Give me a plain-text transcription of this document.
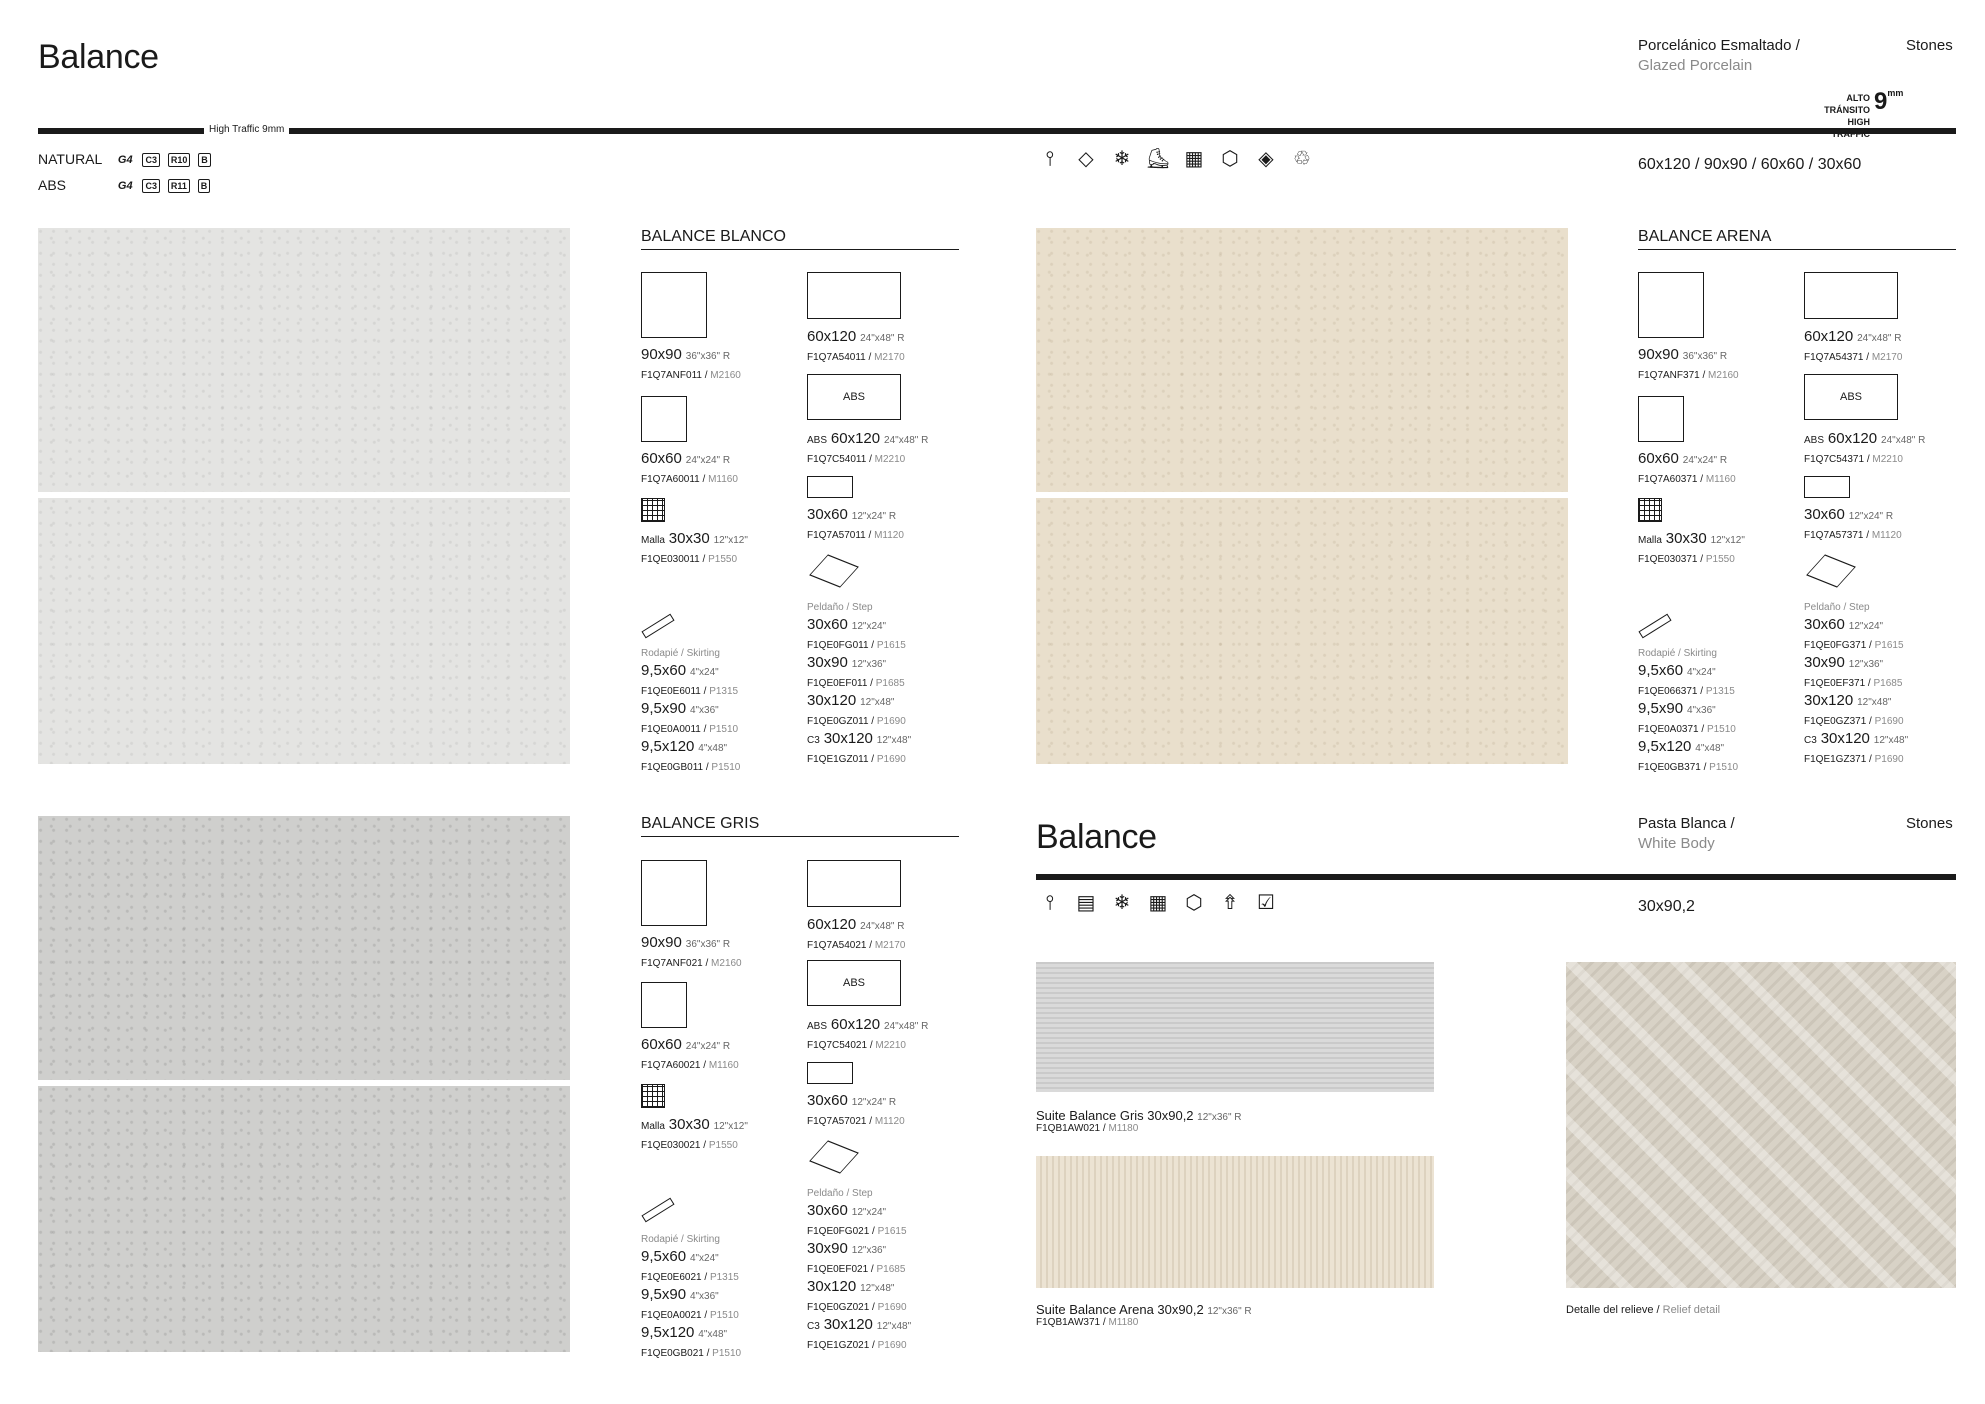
Balance
High Traffic 9mm
NATURAL G4 C3 R10 B
ABS	G4 C3 R11 B
Porcelánico Esmaltado /
Glazed Porcelain
Stones
ALTO TRÁNSITO
HIGH TRAFFIC
$9^{mm}$
⫯ ◇ ❄ ⛸ ▦ ⬡ ◈ ♲	60x120 / 90x90 / 60x60 / 30x60
BALANCE BLANCO
90x90 36"x36" R
F1Q7ANF011 / M2160
60x60 24"x24" R
F1Q7A60011 / M1160
Malla 30x30 12"x12"
F1QE030011 / P1550
Rodapié / Skirting
9,5x60 4"x24"
F1QE0E6011 / P1315
9,5x90 4"x36"
F1QE0A0011 / P1510
9,5x120 4"x48"
F1QE0GB011 / P1510
60x120 24"x48" R
F1Q7A54011 / M2170
ABS
ABS 60x120 24"x48" R
F1Q7C54011 / M2210
30x60 12"x24" R
F1Q7A57011 / M1120
Peldaño / Step
30x60 12"x24"
F1QE0FG011 / P1615
30x90 12"x36"
F1QE0EF011 / P1685
30x120 12"x48"
F1QE0GZ011 / P1690
C3 30x120 12"x48"
F1QE1GZ011 / P1690
BALANCE ARENA
90x90 36"x36" R
F1Q7ANF371 / M2160
60x60 24"x24" R
F1Q7A60371 / M1160
Malla 30x30 12"x12"
F1QE030371 / P1550
Rodapié / Skirting
9,5x60 4"x24"
F1QE066371 / P1315
9,5x90 4"x36"
F1QE0A0371 / P1510
9,5x120 4"x48"
F1QE0GB371 / P1510
60x120 24"x48" R
F1Q7A54371 / M2170
ABS
ABS 60x120 24"x48" R
F1Q7C54371 / M2210
30x60 12"x24" R
F1Q7A57371 / M1120
Peldaño / Step
30x60 12"x24"
F1QE0FG371 / P1615
30x90 12"x36"
F1QE0EF371 / P1685
30x120 12"x48"
F1QE0GZ371 / P1690
C3 30x120 12"x48"
F1QE1GZ371 / P1690
BALANCE GRIS
90x90 36"x36" R
F1Q7ANF021 / M2160
60x60 24"x24" R
F1Q7A60021 / M1160
Malla 30x30 12"x12"
F1QE030021 / P1550
Rodapié / Skirting
9,5x60 4"x24"
F1QE0E6021 / P1315
9,5x90 4"x36"
F1QE0A0021 / P1510
9,5x120 4"x48"
F1QE0GB021 / P1510
60x120 24"x48" R
F1Q7A54021 / M2170
ABS
ABS 60x120 24"x48" R
F1Q7C54021 / M2210
30x60 12"x24" R
F1Q7A57021 / M1120
Peldaño / Step
30x60 12"x24"
F1QE0FG021 / P1615
30x90 12"x36"
F1QE0EF021 / P1685
30x120 12"x48"
F1QE0GZ021 / P1690
C3 30x120 12"x48"
F1QE1GZ021 / P1690
Balance	Pasta Blanca /
White Body
Stones
⫯ ▤ ❄ ▦ ⬡ ⇮ ☑	30x90,2
Suite Balance Gris 30x90,2 12"x36" R
F1QB1AW021 / M1180
Suite Balance Arena 30x90,2 12"x36" R
F1QB1AW371 / M1180
Detalle del relieve / Relief detail
